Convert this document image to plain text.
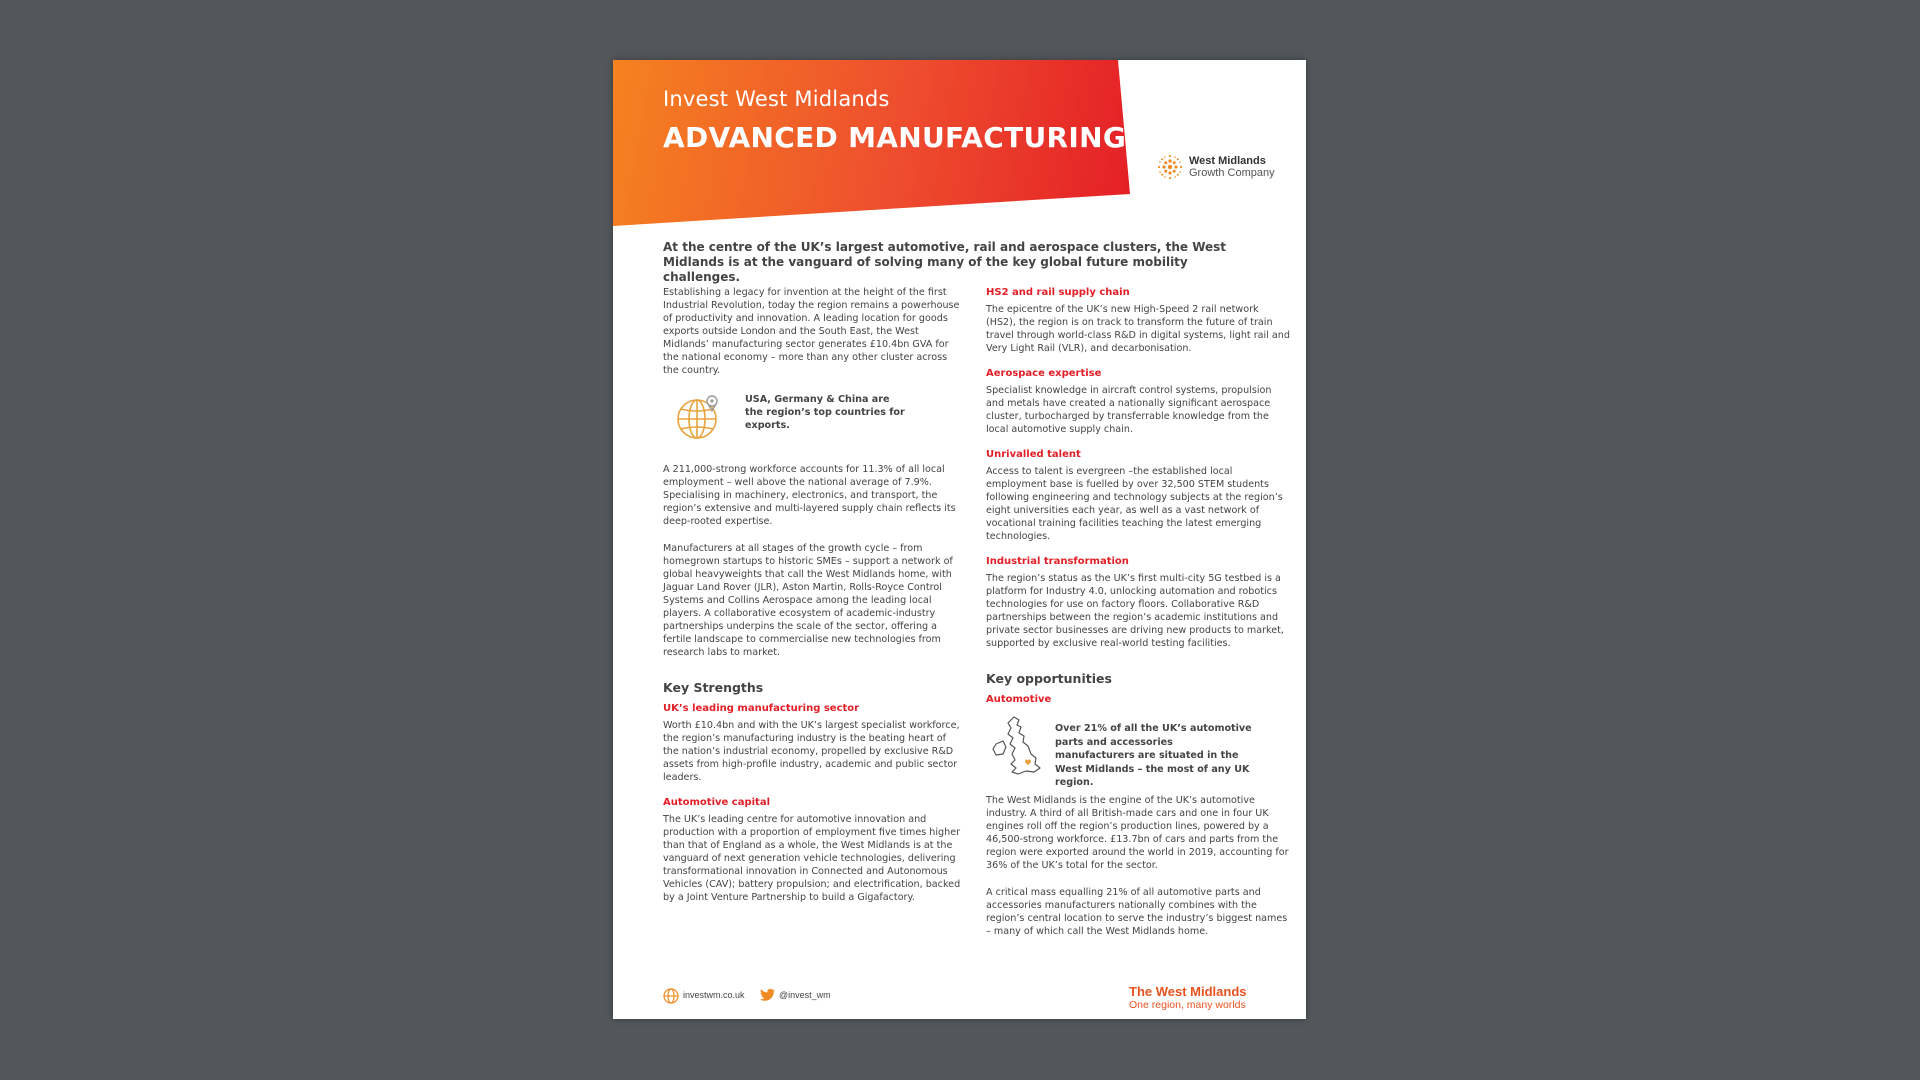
Invest West Midlands
ADVANCED MANUFACTURING
West Midlands
Growth Company
At the centre of the UK’s largest automotive, rail and aerospace clusters, the West Midlands is at the vanguard of solving many of the key global future mobility challenges.

Establishing a legacy for invention at the height of the first Industrial Revolution, today the region remains a powerhouse of productivity and innovation. A leading location for goods exports outside London and the South East, the West Midlands’ manufacturing sector generates £10.4bn GVA for the national economy – more than any other cluster across the country.

USA, Germany & China are the region’s top countries for exports.

A 211,000-strong workforce accounts for 11.3% of all local employment – well above the national average of 7.9%. Specialising in machinery, electronics, and transport, the region’s extensive and multi-layered supply chain reflects its deep-rooted expertise.

Manufacturers at all stages of the growth cycle – from homegrown startups to historic SMEs – support a network of global heavyweights that call the West Midlands home, with Jaguar Land Rover (JLR), Aston Martin, Rolls-Royce Control Systems and Collins Aerospace among the leading local players. A collaborative ecosystem of academic-industry partnerships underpins the scale of the sector, offering a fertile landscape to commercialise new technologies from research labs to market.

Key Strengths
UK’s leading manufacturing sector

Worth £10.4bn and with the UK’s largest specialist workforce, the region’s manufacturing industry is the beating heart of the nation’s industrial economy, propelled by exclusive R&D assets from high-profile industry, academic and public sector leaders.

Automotive capital

The UK’s leading centre for automotive innovation and production with a proportion of employment five times higher than that of England as a whole, the West Midlands is at the vanguard of next generation vehicle technologies, delivering transformational innovation in Connected and Autonomous Vehicles (CAV); battery propulsion; and electrification, backed by a Joint Venture Partnership to build a Gigafactory.

HS2 and rail supply chain

The epicentre of the UK’s new High-Speed 2 rail network (HS2), the region is on track to transform the future of train travel through world-class R&D in digital systems, light rail and Very Light Rail (VLR), and decarbonisation.

Aerospace expertise

Specialist knowledge in aircraft control systems, propulsion and metals have created a nationally significant aerospace cluster, turbocharged by transferrable knowledge from the local automotive supply chain.

Unrivalled talent

Access to talent is evergreen –the established local employment base is fuelled by over 32,500 STEM students following engineering and technology subjects at the region’s eight universities each year, as well as a vast network of vocational training facilities teaching the latest emerging technologies.

Industrial transformation

The region’s status as the UK’s first multi-city 5G testbed is a platform for Industry 4.0, unlocking automation and robotics technologies for use on factory floors. Collaborative R&D partnerships between the region’s academic institutions and private sector businesses are driving new products to market, supported by exclusive real-world testing facilities.

Key opportunities
Automotive
Over 21% of all the UK’s automotive parts and accessories manufacturers are situated in the West Midlands – the most of any UK region.

The West Midlands is the engine of the UK’s automotive industry. A third of all British-made cars and one in four UK engines roll off the region’s production lines, powered by a 46,500-strong workforce. £13.7bn of cars and parts from the region were exported around the world in 2019, accounting for 36% of the UK’s total for the sector.

A critical mass equalling 21% of all automotive parts and accessories manufacturers nationally combines with the region’s central location to serve the industry’s biggest names – many of which call the West Midlands home.

investwm.co.uk	@invest_wm	The West Midlands
One region, many worlds
